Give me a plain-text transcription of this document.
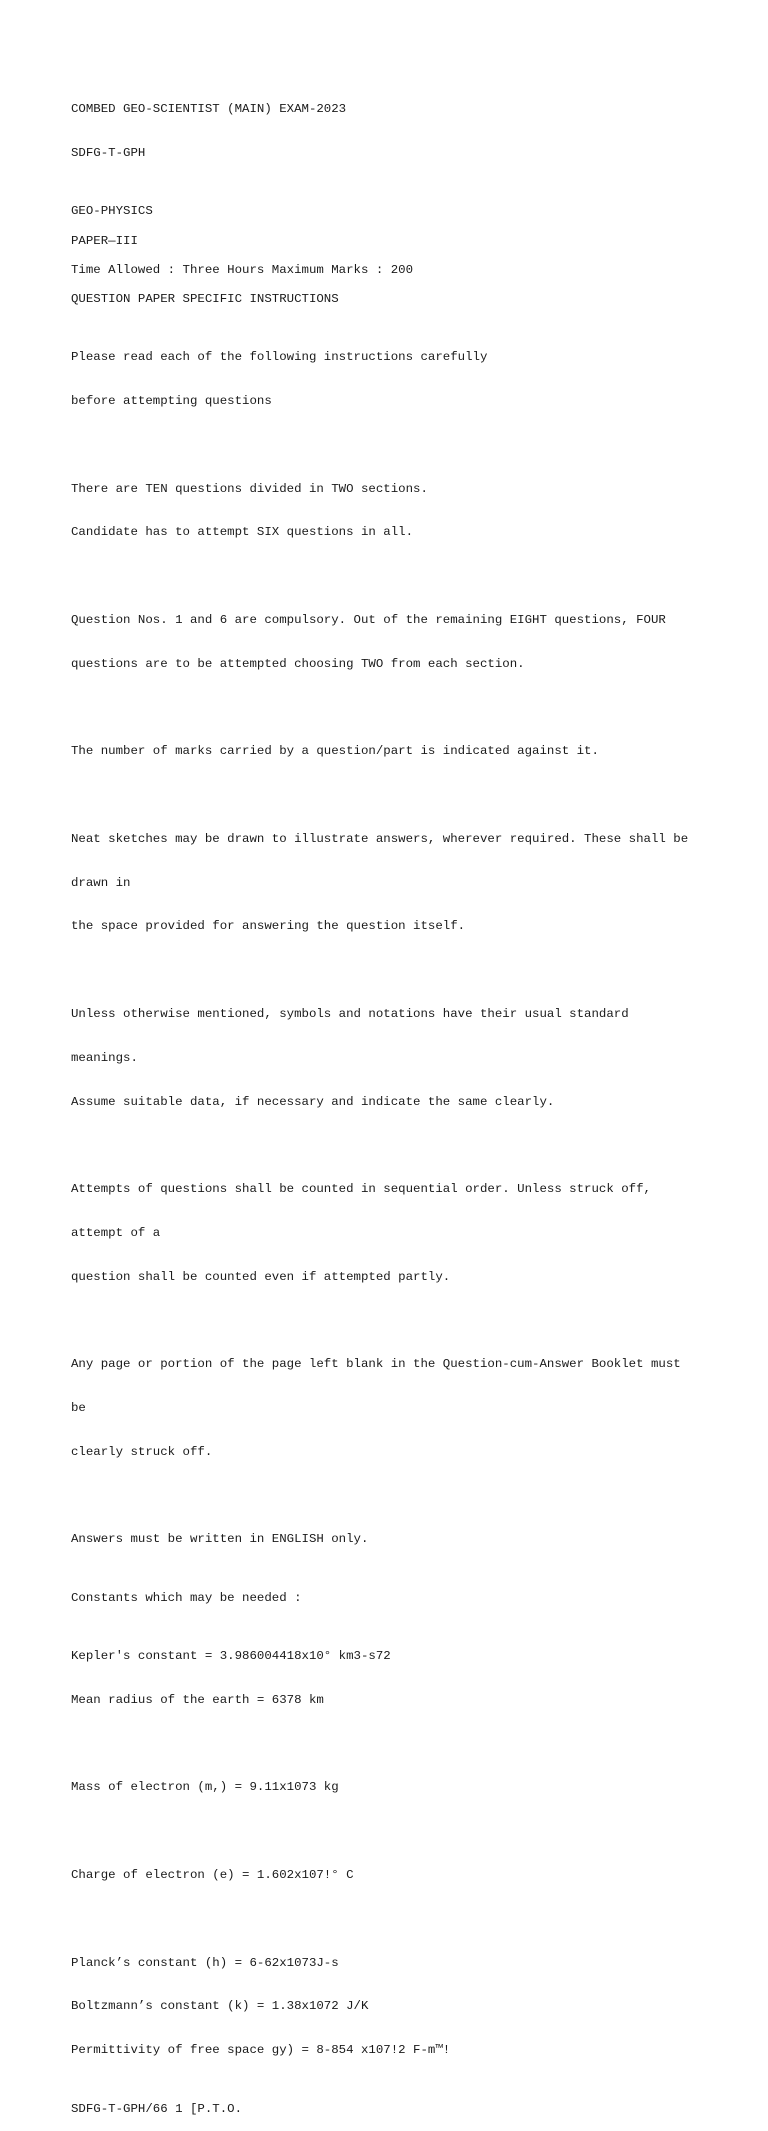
COMBED GEO-SCIENTIST (MAIN) EXAM-2023

SDFG-T-GPH

GEO-PHYSICS
PAPER—III
Time Allowed : Three Hours Maximum Marks : 200
QUESTION PAPER SPECIFIC INSTRUCTIONS

Please read each of the following instructions carefully

before attempting questions

There are TEN questions divided in TWO sections.

Candidate has to attempt SIX questions in all.

Question Nos. 1 and 6 are compulsory. Out of the remaining EIGHT questions, FOUR

questions are to be attempted choosing TWO from each section.

The number of marks carried by a question/part is indicated against it.

Neat sketches may be drawn to illustrate answers, wherever required. These shall be

drawn in

the space provided for answering the question itself.

Unless otherwise mentioned, symbols and notations have their usual standard

meanings.

Assume suitable data, if necessary and indicate the same clearly.

Attempts of questions shall be counted in sequential order. Unless struck off,

attempt of a

question shall be counted even if attempted partly.

Any page or portion of the page left blank in the Question-cum-Answer Booklet must

be

clearly struck off.

Answers must be written in ENGLISH only.

Constants which may be needed :

Kepler's constant = 3.986004418x10° km3-s72

Mean radius of the earth = 6378 km

Mass of electron (m,) = 9.11x1073 kg

Charge of electron (e) = 1.602x107!° C

Planck’s constant (h) = 6-62x1073J-s

Boltzmann’s constant (k) = 1.38x1072 J/K

Permittivity of free space gy) = 8-854 x107!2 F-m™!

SDFG-T-GPH/66 1 [P.T.O.
